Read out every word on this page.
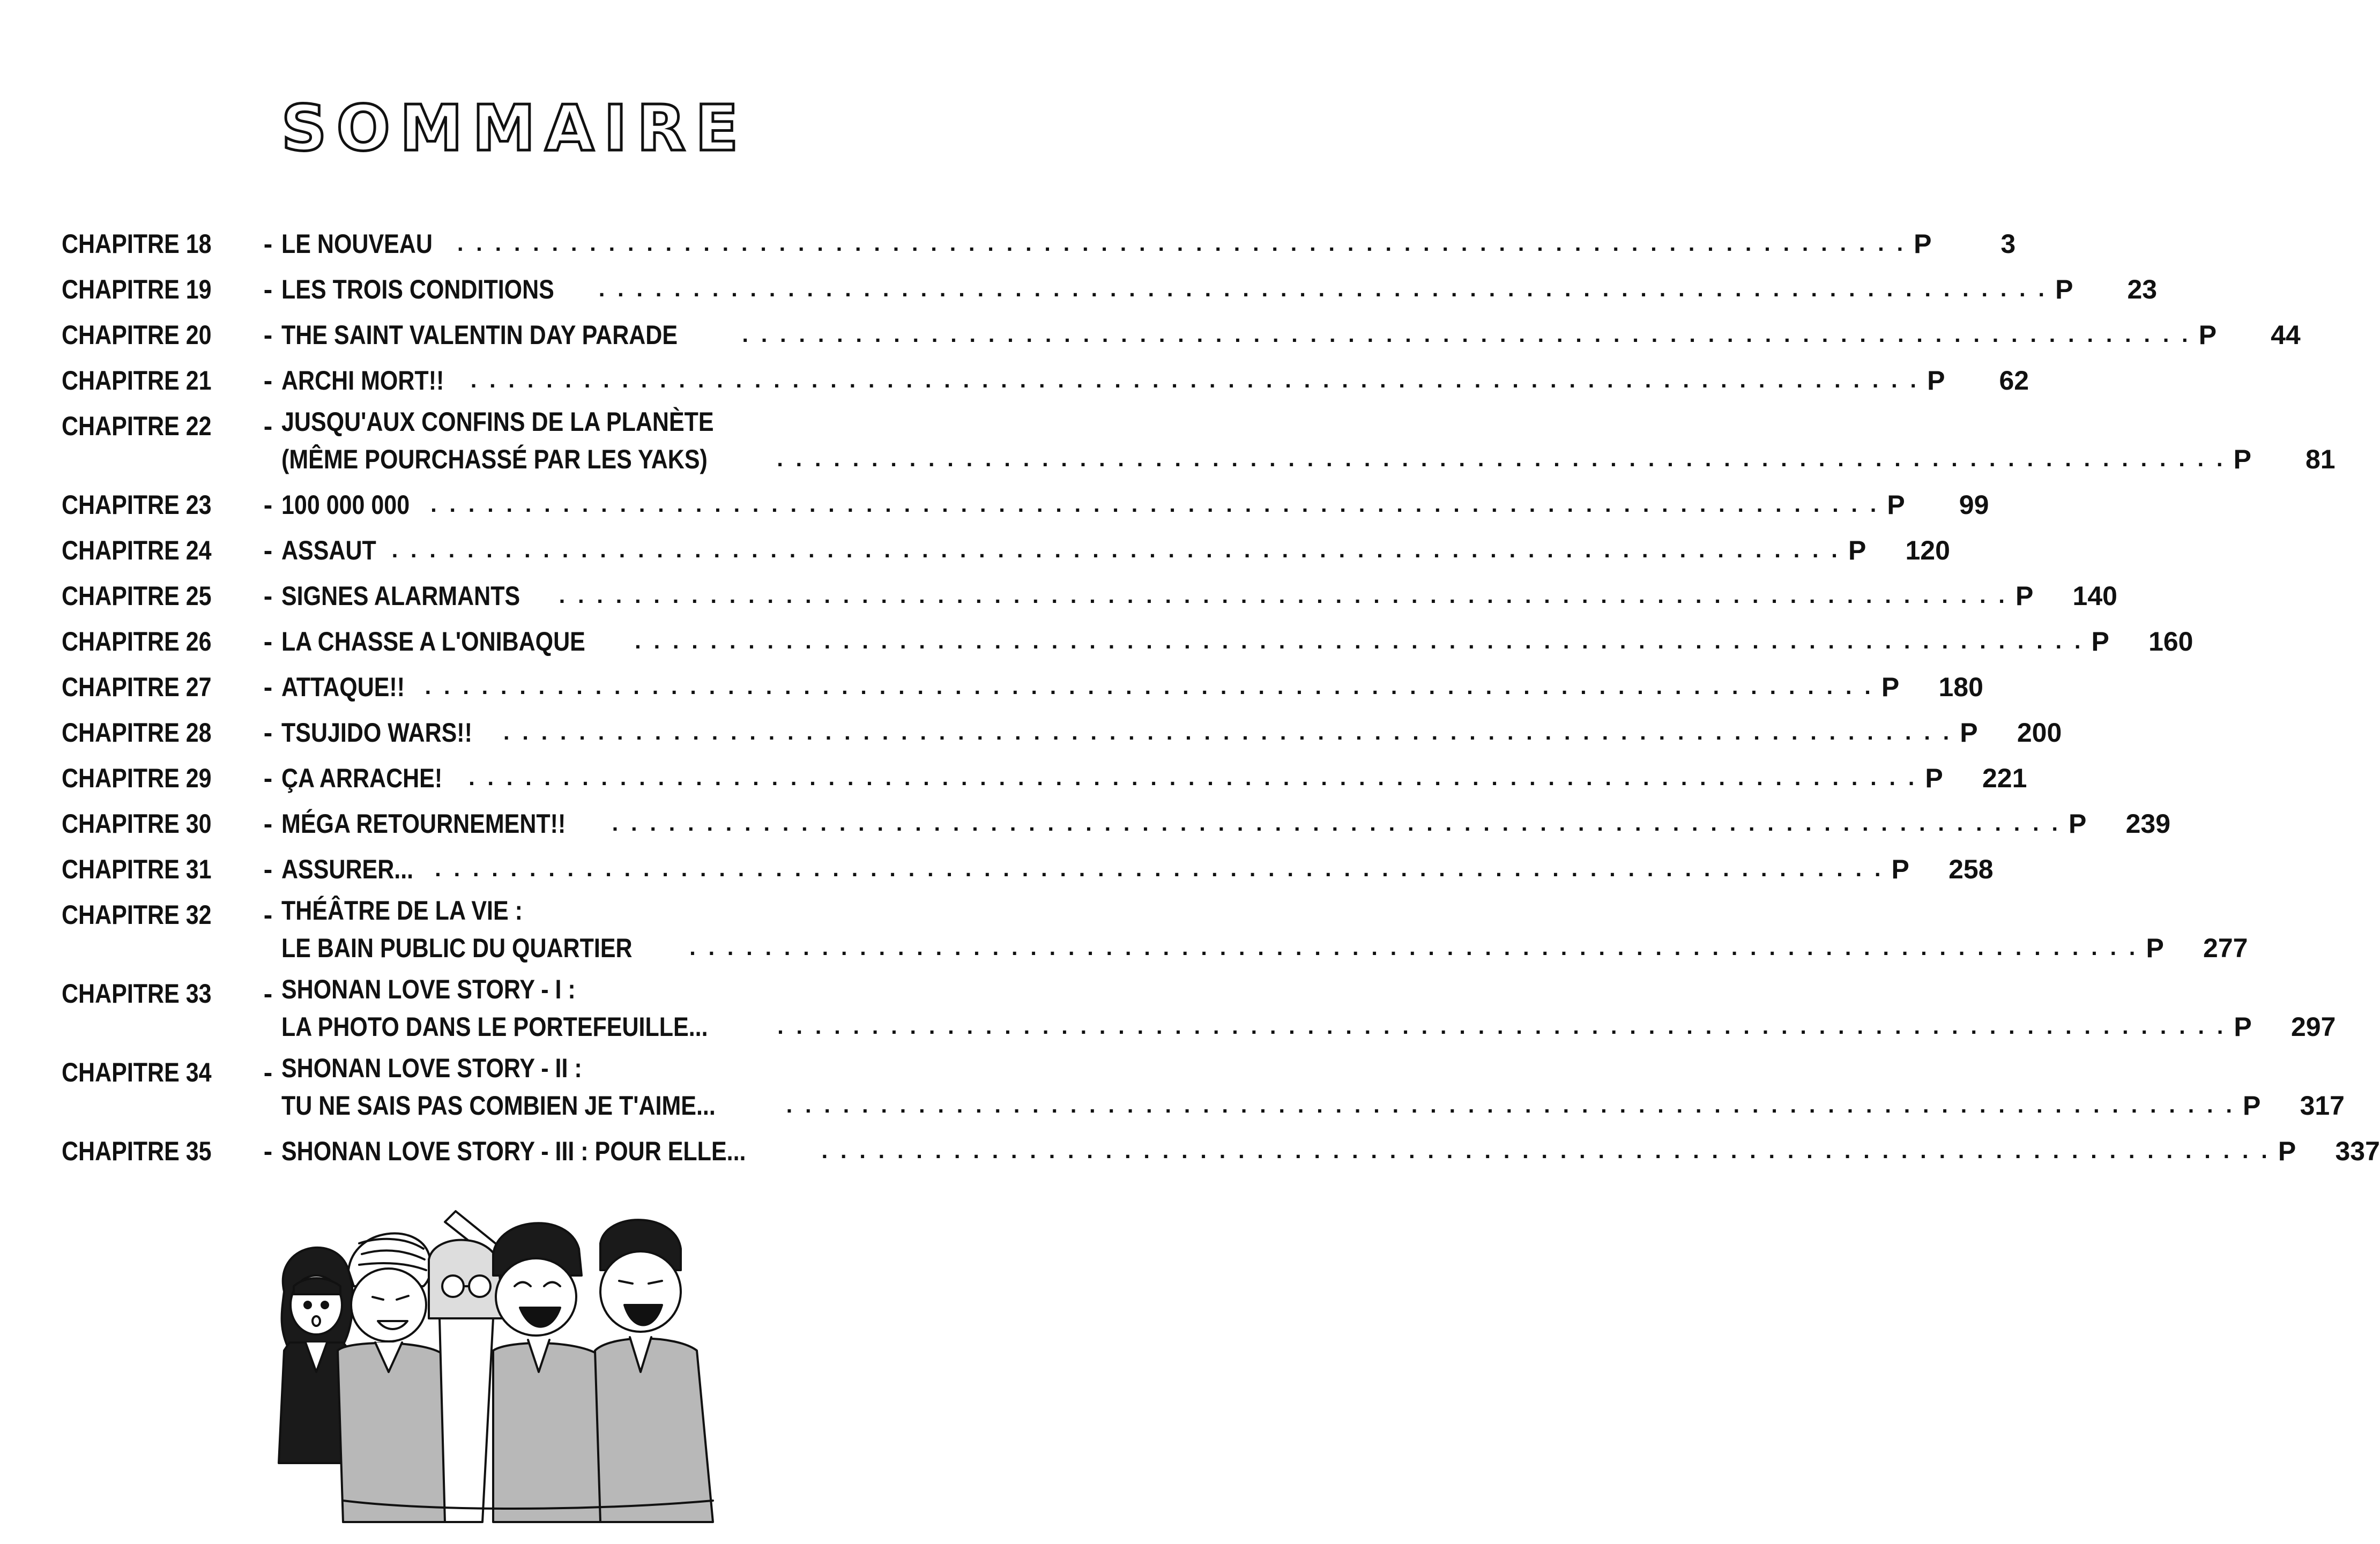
SOMMAIRE
CHAPITRE 18	- LE NOUVEAU . . .	P	3
CHAPITRE 19	- LES TROIS CONDITIONS . . .	P	23
CHAPITRE 20	- THE SAINT VALENTIN DAY PARADE . . .	P	44
CHAPITRE 21	- ARCHI MORT!! . . .	P	62
CHAPITRE 22	- JUSQU'AUX CONFINS DE LA PLANÈTE
(MÊME POURCHASSÉ PAR LES YAKS) . . .	P	81
CHAPITRE 23	- 100 000 000 . . .	P	99
CHAPITRE 24	- ASSAUT . . .	P	120
CHAPITRE 25	- SIGNES ALARMANTS . . .	P	140
CHAPITRE 26	- LA CHASSE A L'ONIBAQUE . . .	P	160
CHAPITRE 27	- ATTAQUE!! . . .	P	180
CHAPITRE 28	- TSUJIDO WARS!! . . .	P	200
CHAPITRE 29	- ÇA ARRACHE! . . .	P	221
CHAPITRE 30	- MÉGA RETOURNEMENT!! . . .	P	239
CHAPITRE 31	- ASSURER... . . .	P	258
CHAPITRE 32	- THÉÂTRE DE LA VIE :
LE BAIN PUBLIC DU QUARTIER . . .	P	277
CHAPITRE 33	- SHONAN LOVE STORY - I :
LA PHOTO DANS LE PORTEFEUILLE... . . .	P	297
CHAPITRE 34	- SHONAN LOVE STORY - II :
TU NE SAIS PAS COMBIEN JE T'AIME... . . .	P	317
CHAPITRE 35	- SHONAN LOVE STORY - III : POUR ELLE... . . .	P	337
